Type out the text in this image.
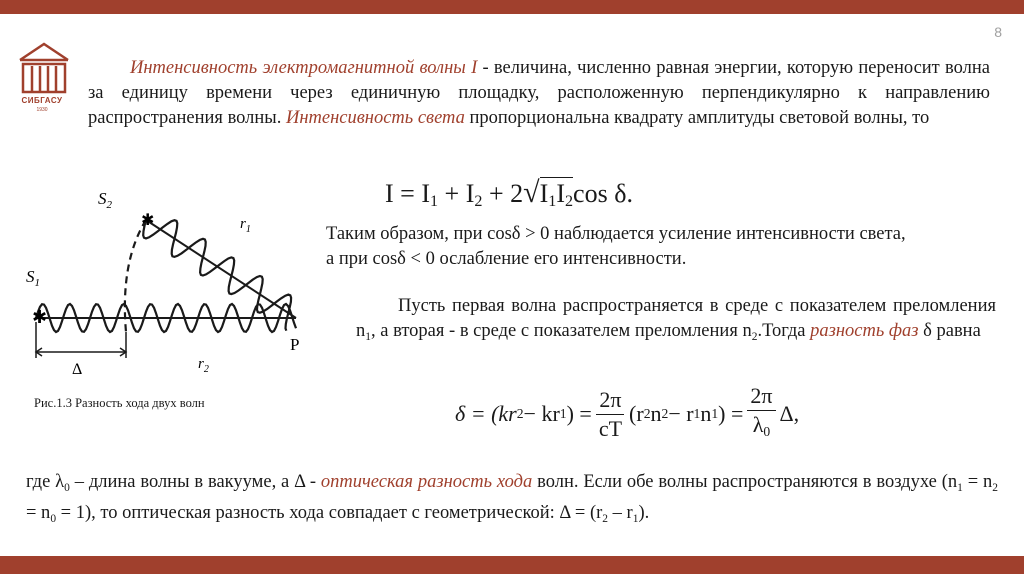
8
СИБГАСУ
1930
Интенсивность электромагнитной волны I - величина, численно равная энергии, которую переносит волна за единицу времени через единичную площадку, расположенную перпендикулярно к направлению распространения волны. Интенсивность света пропорциональна квадрату амплитуды световой волны, то
$I = I_1 + I_2 + 2√I_1I_2\cos$ δ.
Таким образом, при cosδ > 0 наблюдается усиление интенсивности света,
а при cosδ < 0 ослабление его интенсивности.
Пусть первая волна распространяется в среде с показателем преломления $n_1$, а вторая - в среде с показателем преломления $n_2.Тогда$ разность фаз δ равна
✱
✱
$S_1$
$S_2$
$r_1$
$r_2$
P
Δ
Рис.1.3 Разность хода двух волн	δ = (kr 2 − kr 1 ) = $\frac{2\pi}{cT} (r$ 2 n 2 − r 1 n 1 ) = $\frac{2\pi}{\lambda_0} \Delta$,
где $\lambda_0$ – длина волны в вакууме, а Δ - оптическая разность хода волн. Если обе волны распространяются в воздухе $(n_1 = n_2 = n_0 = 1)$, то оптическая разность хода совпадает с геометрической: $\Delta = (r_2 - r_1)$.
